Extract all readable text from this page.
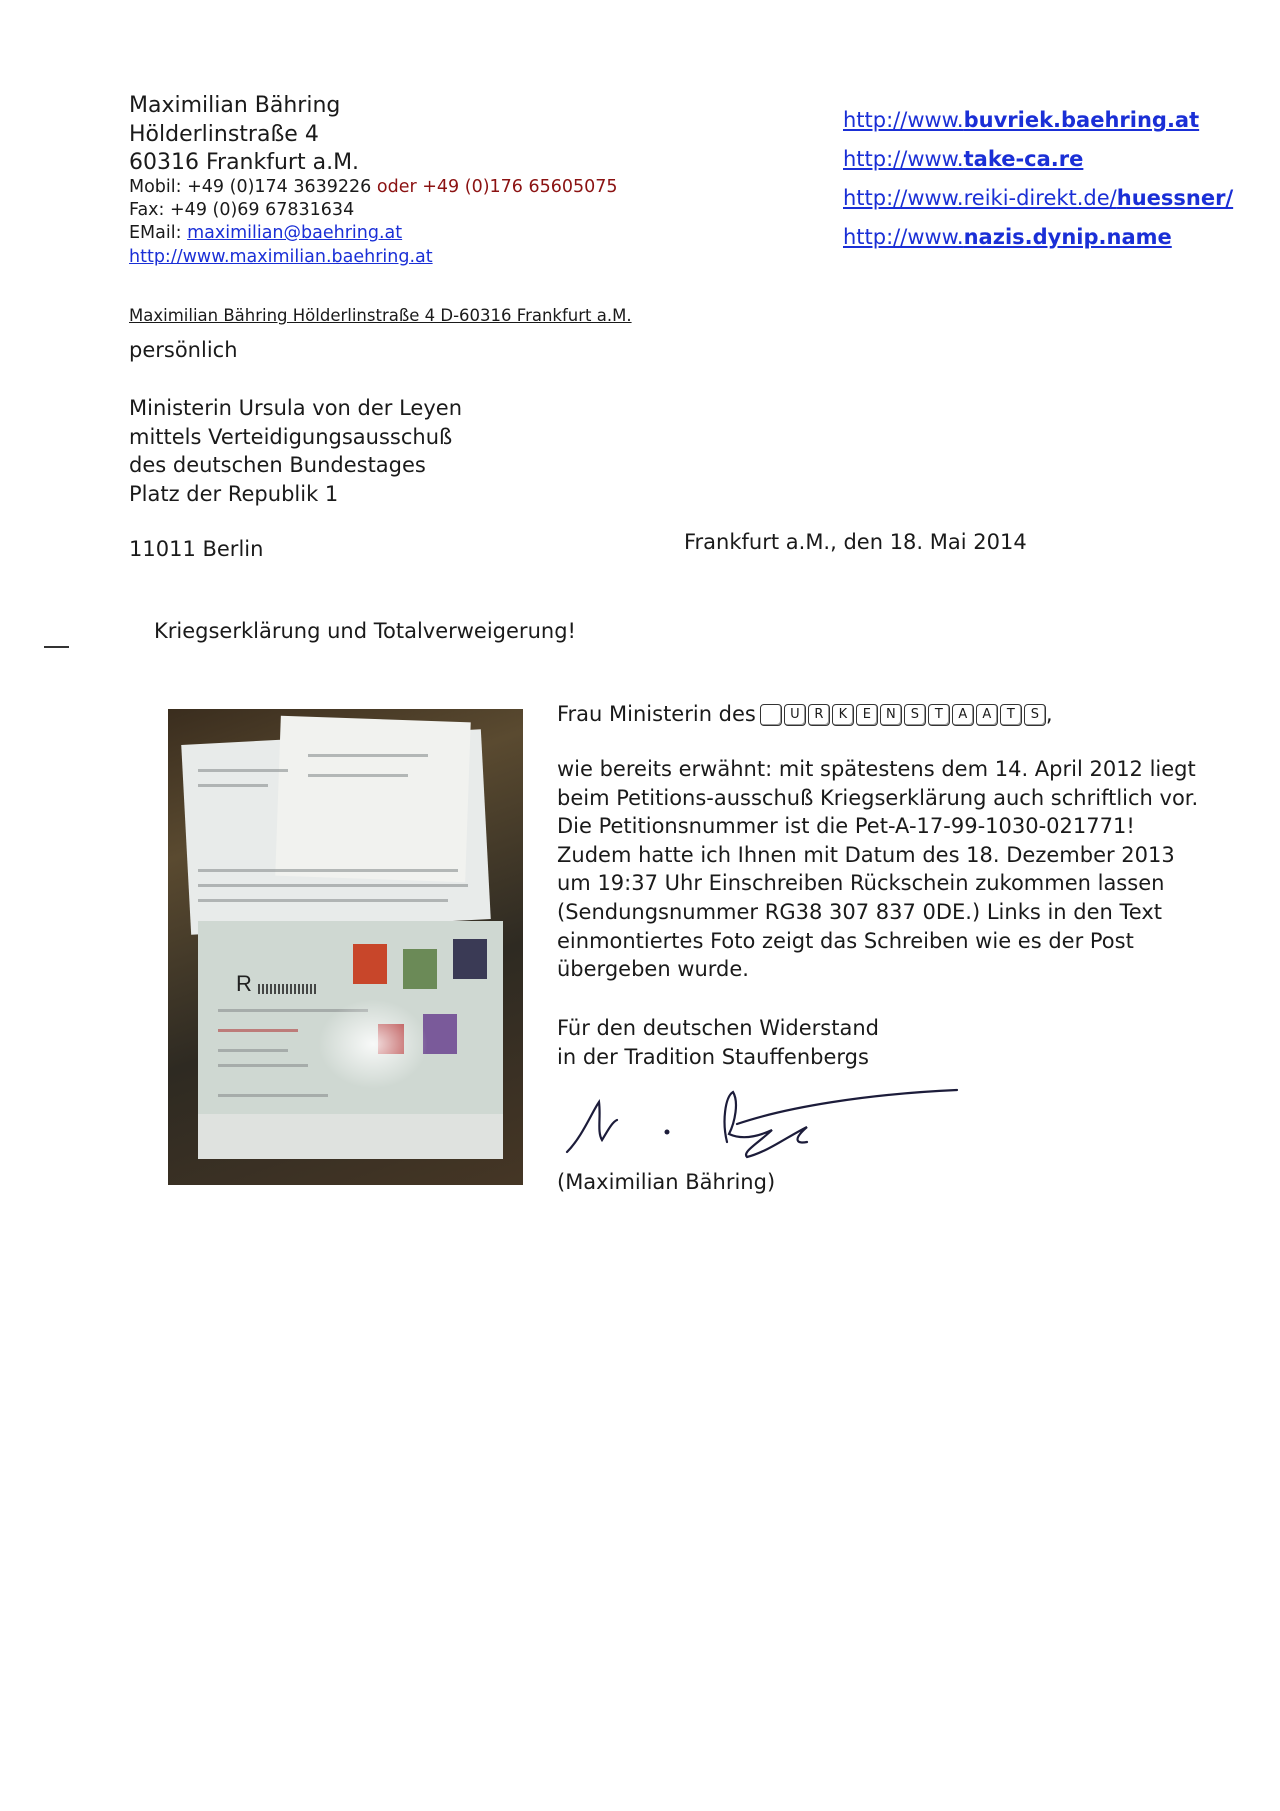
Maximilian Bähring
Hölderlinstraße 4
60316 Frankfurt a.M.
Mobil: +49 (0)174 3639226 oder +49 (0)176 65605075
Fax: +49 (0)69 67831634
EMail: maximilian@baehring.at
http://www.maximilian.baehring.at
http://www.buvriek.baehring.at
http://www.take-ca.re
http://www.reiki-direkt.de/huessner/
http://www.nazis.dynip.name
Maximilian Bähring Hölderlinstraße 4 D-60316 Frankfurt a.M.
persönlich
Ministerin Ursula von der Leyen
mittels Verteidigungsausschuß
des deutschen Bundestages
Platz der Republik 1
11011 Berlin	Frankfurt a.M., den 18. Mai 2014
Kriegserklärung und Totalverweigerung!
R
Frau Ministerin des	U	R	K	E	N	S	T	A	A	T	S ,
wie bereits erwähnt: mit spätestens dem 14. April 2012 liegt
beim Petitions-ausschuß Kriegserklärung auch schriftlich vor.
Die Petitionsnummer ist die Pet-A-17-99-1030-021771!
Zudem hatte ich Ihnen mit Datum des 18. Dezember 2013
um 19:37 Uhr Einschreiben Rückschein zukommen lassen
(Sendungsnummer RG38 307 837 0DE.) Links in den Text
einmontiertes Foto zeigt das Schreiben wie es der Post
übergeben wurde.
Für den deutschen Widerstand
in der Tradition Stauffenbergs
(Maximilian Bähring)
